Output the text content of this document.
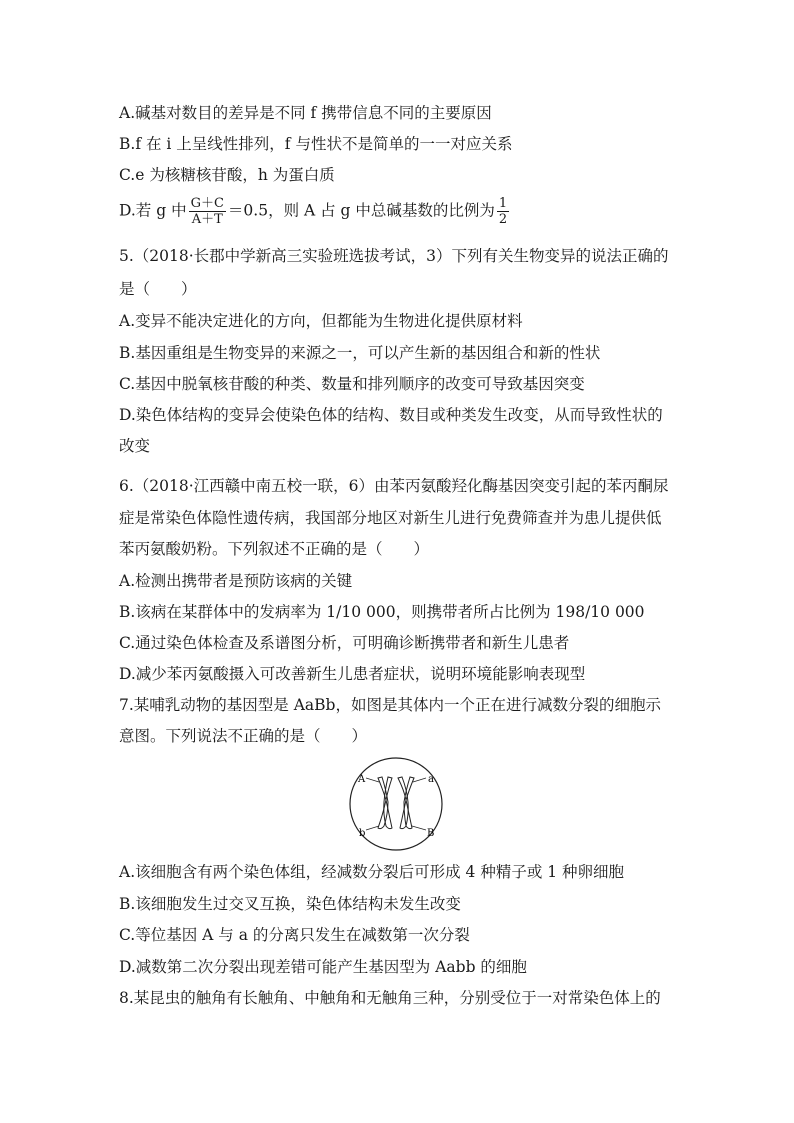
A.碱基对数目的差异是不同 f 携带信息不同的主要原因
B.f 在 i 上呈线性排列，f 与性状不是简单的一一对应关系
C.e 为核糖核苷酸，h 为蛋白质
D.若 g 中 $\frac{G+C}{A+T} =0.5$，则 A 占 g 中总碱基数的比例为 $\frac{1}{2}$
5.（2018·长郡中学新高三实验班选拔考试，3）下列有关生物变异的说法正确的
是（　　）
A.变异不能决定进化的方向，但都能为生物进化提供原材料
B.基因重组是生物变异的来源之一，可以产生新的基因组合和新的性状
C.基因中脱氧核苷酸的种类、数量和排列顺序的改变可导致基因突变
D.染色体结构的变异会使染色体的结构、数目或种类发生改变，从而导致性状的
改变
6.（2018·江西赣中南五校一联，6）由苯丙氨酸羟化酶基因突变引起的苯丙酮尿
症是常染色体隐性遗传病，我国部分地区对新生儿进行免费筛查并为患儿提供低
苯丙氨酸奶粉。下列叙述不正确的是（　　）
A.检测出携带者是预防该病的关键
B.该病在某群体中的发病率为 1/10 000，则携带者所占比例为 198/10 000
C.通过染色体检查及系谱图分析，可明确诊断携带者和新生儿患者
D.减少苯丙氨酸摄入可改善新生儿患者症状，说明环境能影响表现型
7.某哺乳动物的基因型是 AaBb，如图是其体内一个正在进行减数分裂的细胞示
意图。下列说法不正确的是（　　）
A	a
b	B
A.该细胞含有两个染色体组，经减数分裂后可形成 4 种精子或 1 种卵细胞
B.该细胞发生过交叉互换，染色体结构未发生改变
C.等位基因 A 与 a 的分离只发生在减数第一次分裂
D.减数第二次分裂出现差错可能产生基因型为 Aabb 的细胞
8.某昆虫的触角有长触角、中触角和无触角三种，分别受位于一对常染色体上的
